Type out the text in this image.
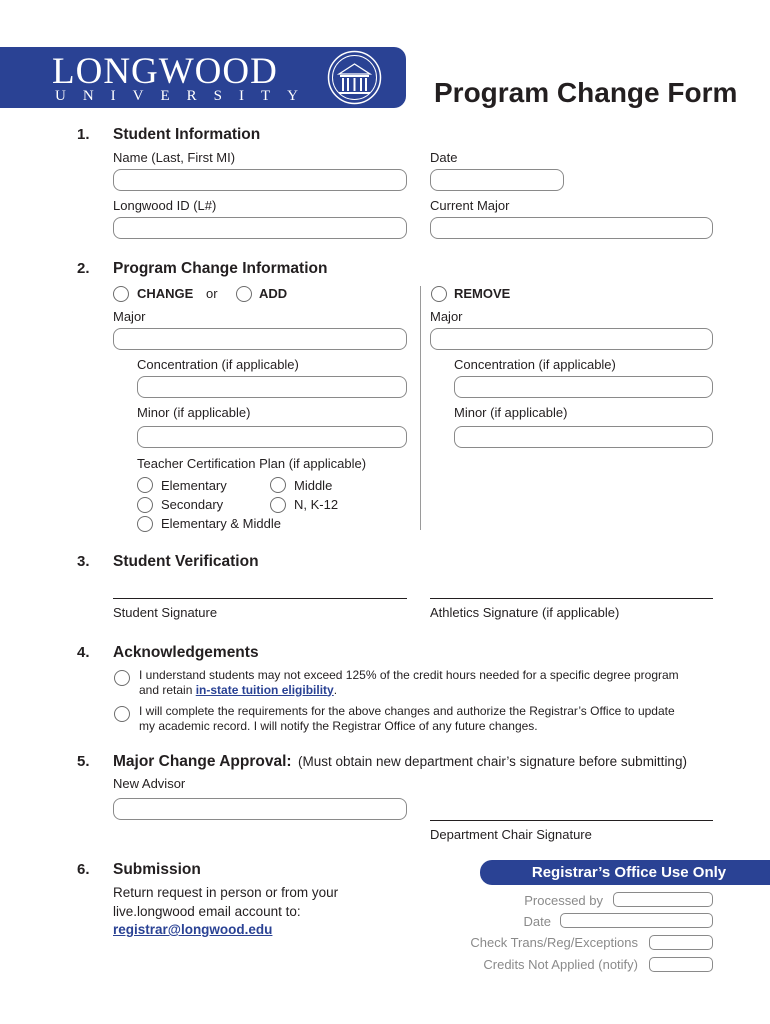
LONGWOOD
UNIVERSITY	Program Change Form
1. Student Information
Name (Last, First MI)	Date
Longwood ID (L#)	Current Major
2. Program Change Information
CHANGE or	ADD	REMOVE
Major	Major
Concentration (if applicable)	Concentration (if applicable)
Minor (if applicable)	Minor (if applicable)
Teacher Certification Plan (if applicable)
Elementary	Middle
Secondary	N, K-12
Elementary & Middle
3. Student Verification
Student Signature	Athletics Signature (if applicable)
4. Acknowledgements
I understand students may not exceed 125% of the credit hours needed for a specific degree program
and retain in-state tuition eligibility.
I will complete the requirements for the above changes and authorize the Registrar’s Office to update
my academic record. I will notify the Registrar Office of any future changes.
5. Major Change Approval: (Must obtain new department chair’s signature before submitting)
New Advisor
Department Chair Signature
6. Submission
Return request in person or from your
live.longwood email account to:
registrar@longwood.edu
Registrar’s Office Use Only
Processed by
Date
Check Trans/Reg/Exceptions
Credits Not Applied (notify)
